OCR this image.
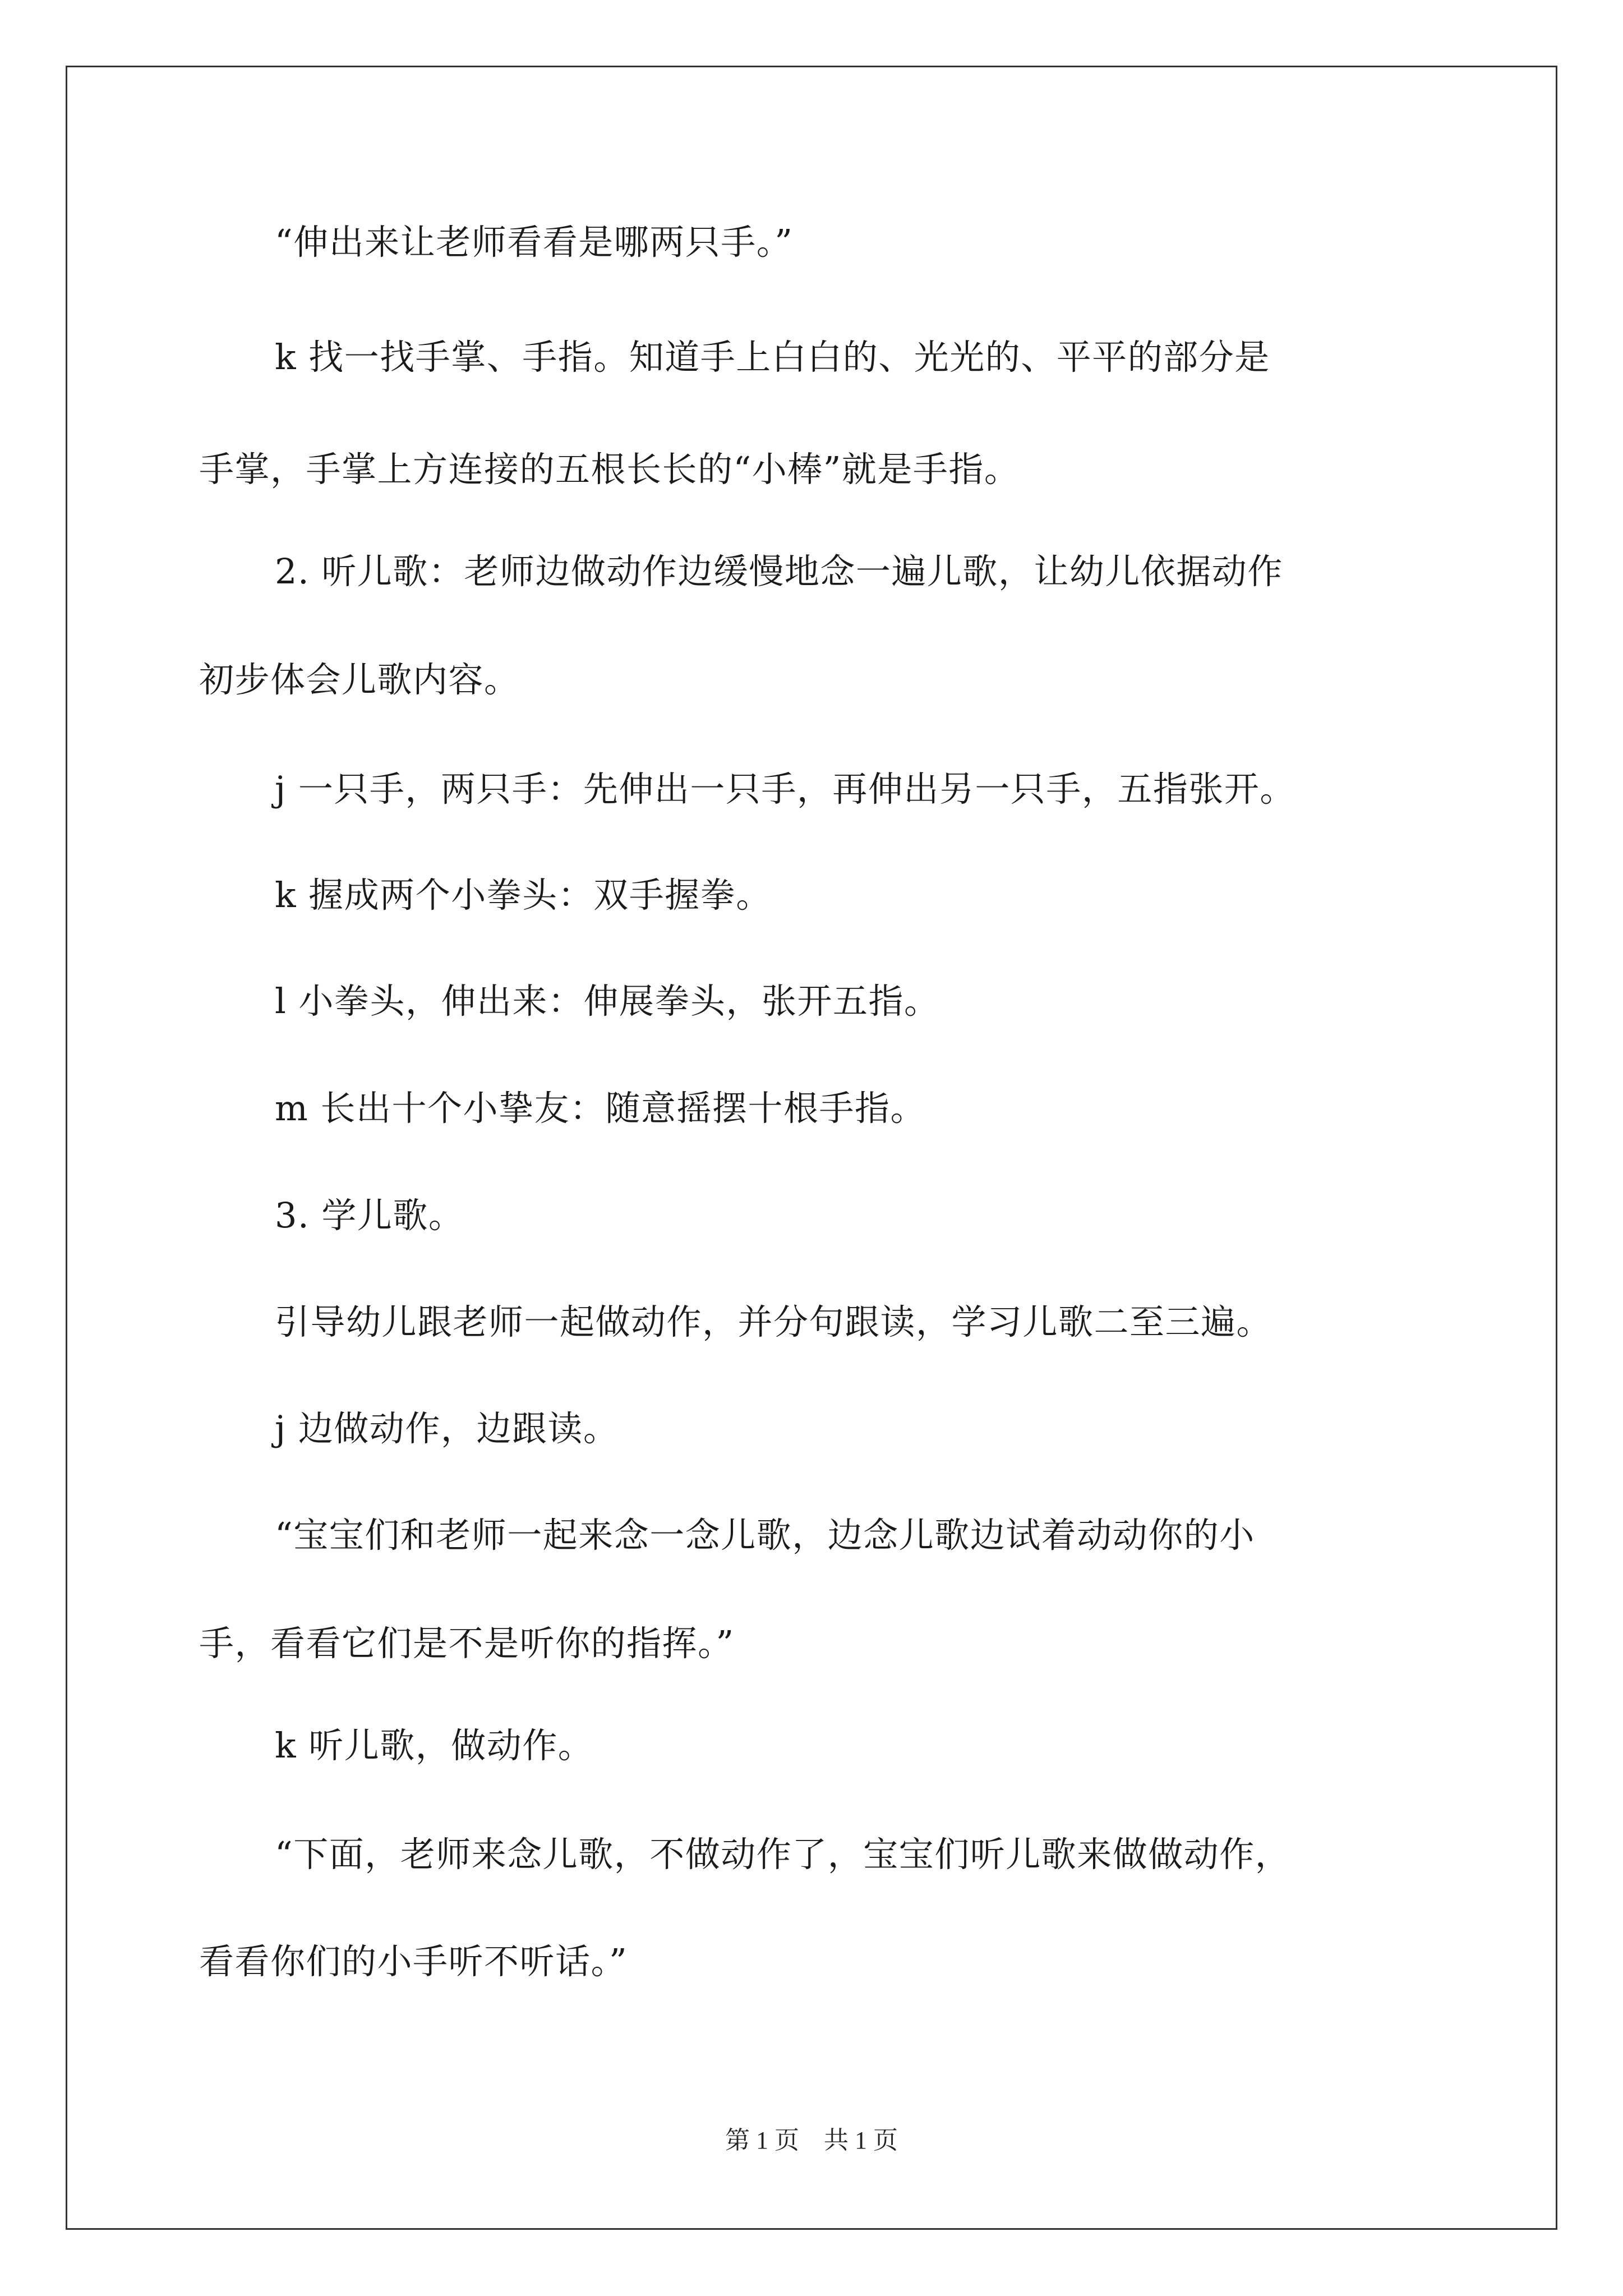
“伸出来让老师看看是哪两只手。”
k 找一找手掌、手指。知道手上白白的、光光的、平平的部分是
手掌，手掌上方连接的五根长长的“小棒”就是手指。
2. 听儿歌：老师边做动作边缓慢地念一遍儿歌，让幼儿依据动作
初步体会儿歌内容。
j 一只手，两只手：先伸出一只手，再伸出另一只手，五指张开。
k 握成两个小拳头：双手握拳。
l 小拳头，伸出来：伸展拳头，张开五指。
m 长出十个小挚友：随意摇摆十根手指。
3. 学儿歌。
引导幼儿跟老师一起做动作，并分句跟读，学习儿歌二至三遍。
j 边做动作，边跟读。
“宝宝们和老师一起来念一念儿歌，边念儿歌边试着动动你的小
手，看看它们是不是听你的指挥。”
k 听儿歌，做动作。
“下面，老师来念儿歌，不做动作了，宝宝们听儿歌来做做动作，
看看你们的小手听不听话。”
第 1 页　共 1 页
